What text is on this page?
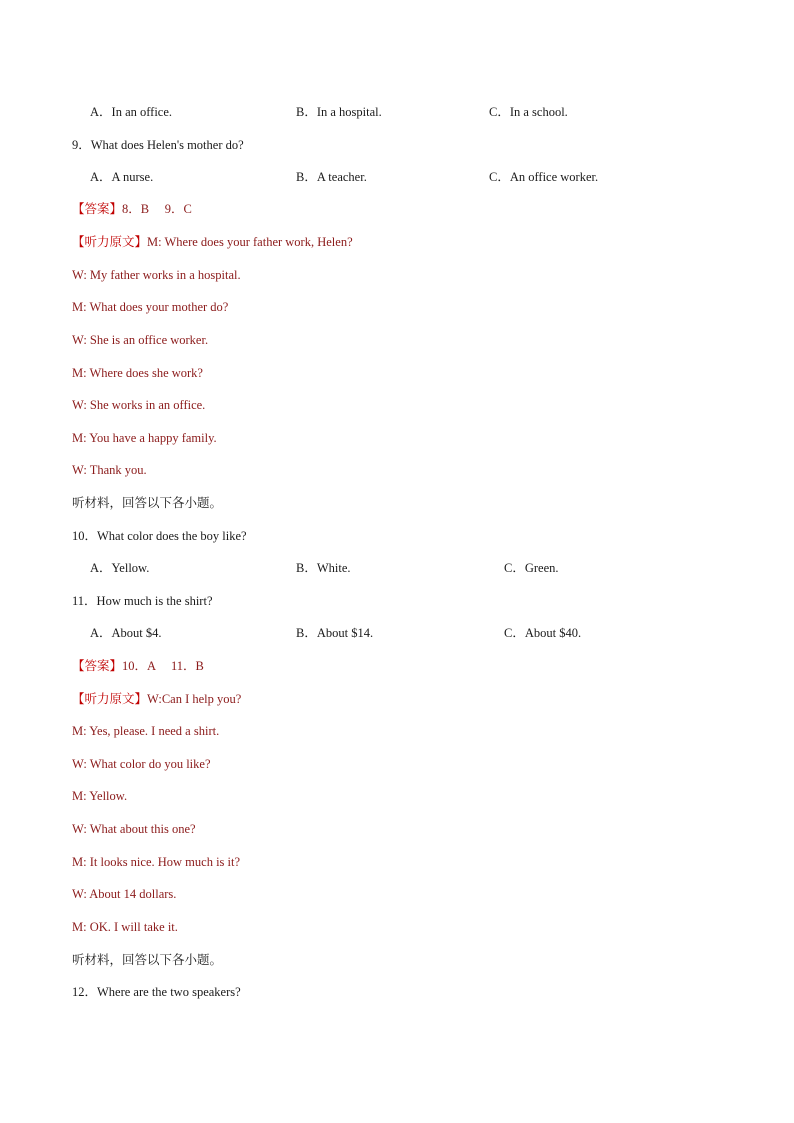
A．In an office.	B．In a hospital.	C．In a school.
9．What does Helen's mother do?
A．A nurse.	B．A teacher.	C．An office worker.
【答案】8．B　 9．C
【听力原文】M: Where does your father work, Helen?
W: My father works in a hospital.
M: What does your mother do?
W: She is an office worker.
M: Where does she work?
W: She works in an office.
M: You have a happy family.
W: Thank you.
听材料，回答以下各小题。
10．What color does the boy like?
A．Yellow.	B．White.	C．Green.
11．How much is the shirt?
A．About $4.	B．About $14.	C．About $40.
【答案】10．A　 11．B
【听力原文】W:Can I help you?
M: Yes, please. I need a shirt.
W: What color do you like?
M: Yellow.
W: What about this one?
M: It looks nice. How much is it?
W: About 14 dollars.
M: OK. I will take it.
听材料，回答以下各小题。
12．Where are the two speakers?
